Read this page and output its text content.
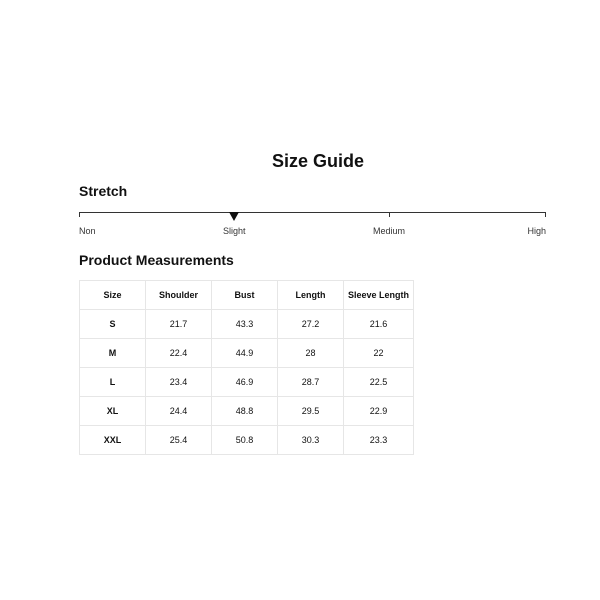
Size Guide
Stretch
Non	Slight	Medium	High
Product Measurements
Size	Shoulder	Bust	Length	Sleeve Length
S	21.7	43.3	27.2	21.6
M	22.4	44.9	28	22
L	23.4	46.9	28.7	22.5
XL	24.4	48.8	29.5	22.9
XXL	25.4	50.8	30.3	23.3
